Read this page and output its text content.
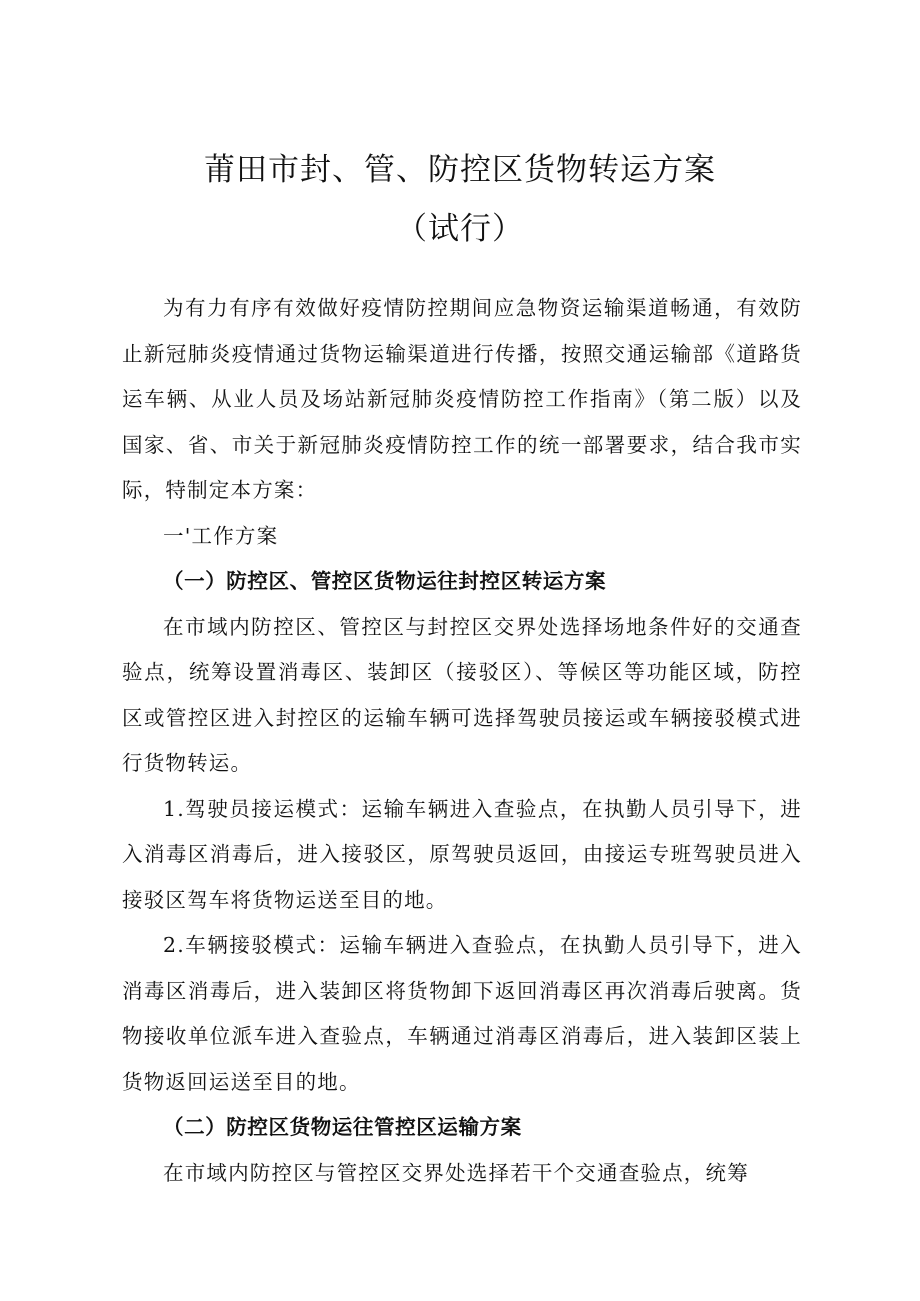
莆田市封、管、防控区货物转运方案
（试行）

为有力有序有效做好疫情防控期间应急物资运输渠道畅通，有效防止新冠肺炎疫情通过货物运输渠道进行传播，按照交通运输部《道路货运车辆、从业人员及场站新冠肺炎疫情防控工作指南》（第二版）以及国家、省、市关于新冠肺炎疫情防控工作的统一部署要求，结合我市实际，特制定本方案：

一'工作方案

（一）防控区、管控区货物运往封控区转运方案

在市域内防控区、管控区与封控区交界处选择场地条件好的交通查验点，统筹设置消毒区、装卸区（接驳区）、等候区等功能区域，防控区或管控区进入封控区的运输车辆可选择驾驶员接运或车辆接驳模式进行货物转运。

1.驾驶员接运模式：运输车辆进入查验点，在执勤人员引导下，进入消毒区消毒后，进入接驳区，原驾驶员返回，由接运专班驾驶员进入接驳区驾车将货物运送至目的地。

2.车辆接驳模式：运输车辆进入查验点，在执勤人员引导下，进入消毒区消毒后，进入装卸区将货物卸下返回消毒区再次消毒后驶离。货物接收单位派车进入查验点，车辆通过消毒区消毒后，进入装卸区装上货物返回运送至目的地。

（二）防控区货物运往管控区运输方案

在市域内防控区与管控区交界处选择若干个交通查验点，统筹
